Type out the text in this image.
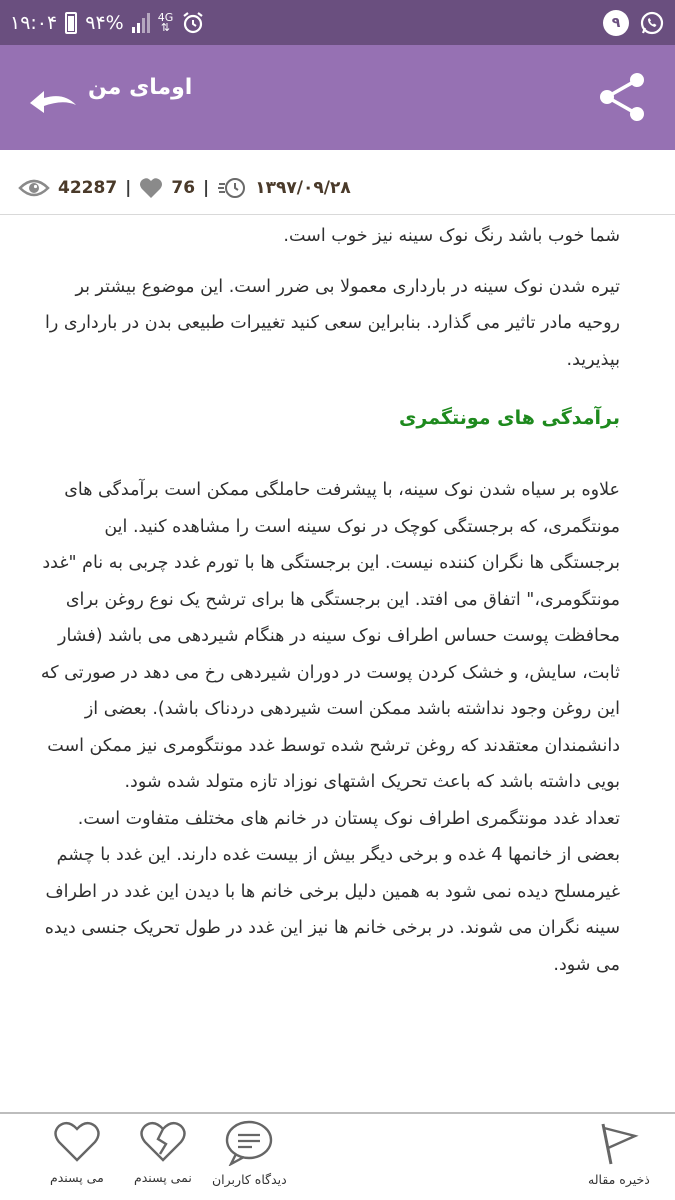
۱۹:۰۴ ۹۴%	4G
⇅	۹
اومای من
42287 | 76 |	۱۳۹۷/۰۹/۲۸

شما خوب باشد رنگ نوک سینه نیز خوب است.

تیره شدن نوک سینه در بارداری معمولا بی ضرر است. این موضوع بیشتر بر روحیه مادر تاثیر می گذارد. بنابراین سعی کنید تغییرات طبیعی بدن در بارداری را بپذیرید.

برآمدگی های مونتگمری

علاوه بر سیاه شدن نوک سینه، با پیشرفت حاملگی ممکن است برآمدگی های مونتگمری، که برجستگی کوچک در نوک سینه است را مشاهده کنید. این برجستگی ها نگران کننده نیست. این برجستگی ها با تورم غدد چربی به نام "غدد مونتگومری،" اتفاق می افتد. این برجستگی ها برای ترشح یک نوع روغن برای محافظت پوست حساس اطراف نوک سینه در هنگام شیردهی می باشد (فشار ثابت، سایش، و خشک کردن پوست در دوران شیردهی رخ می دهد در صورتی که این روغن وجود نداشته باشد ممکن است شیردهی دردناک باشد). بعضی از دانشمندان معتقدند که روغن ترشح شده توسط غدد مونتگومری نیز ممکن است بویی داشته باشد که باعث تحریک اشتهای نوزاد تازه متولد شده شود.

تعداد غدد مونتگمری اطراف نوک پستان در خانم های مختلف متفاوت است. بعضی از خانمها 4 غده و برخی دیگر بیش از بیست غده دارند. این غدد با چشم غیرمسلح دیده نمی شود به همین دلیل برخی خانم ها با دیدن این غدد در اطراف سینه نگران می شوند. در برخی خانم ها نیز این غدد در طول تحریک جنسی دیده می شود.

می پسندم نمی پسندم دیدگاه کاربران	ذخیره مقاله
